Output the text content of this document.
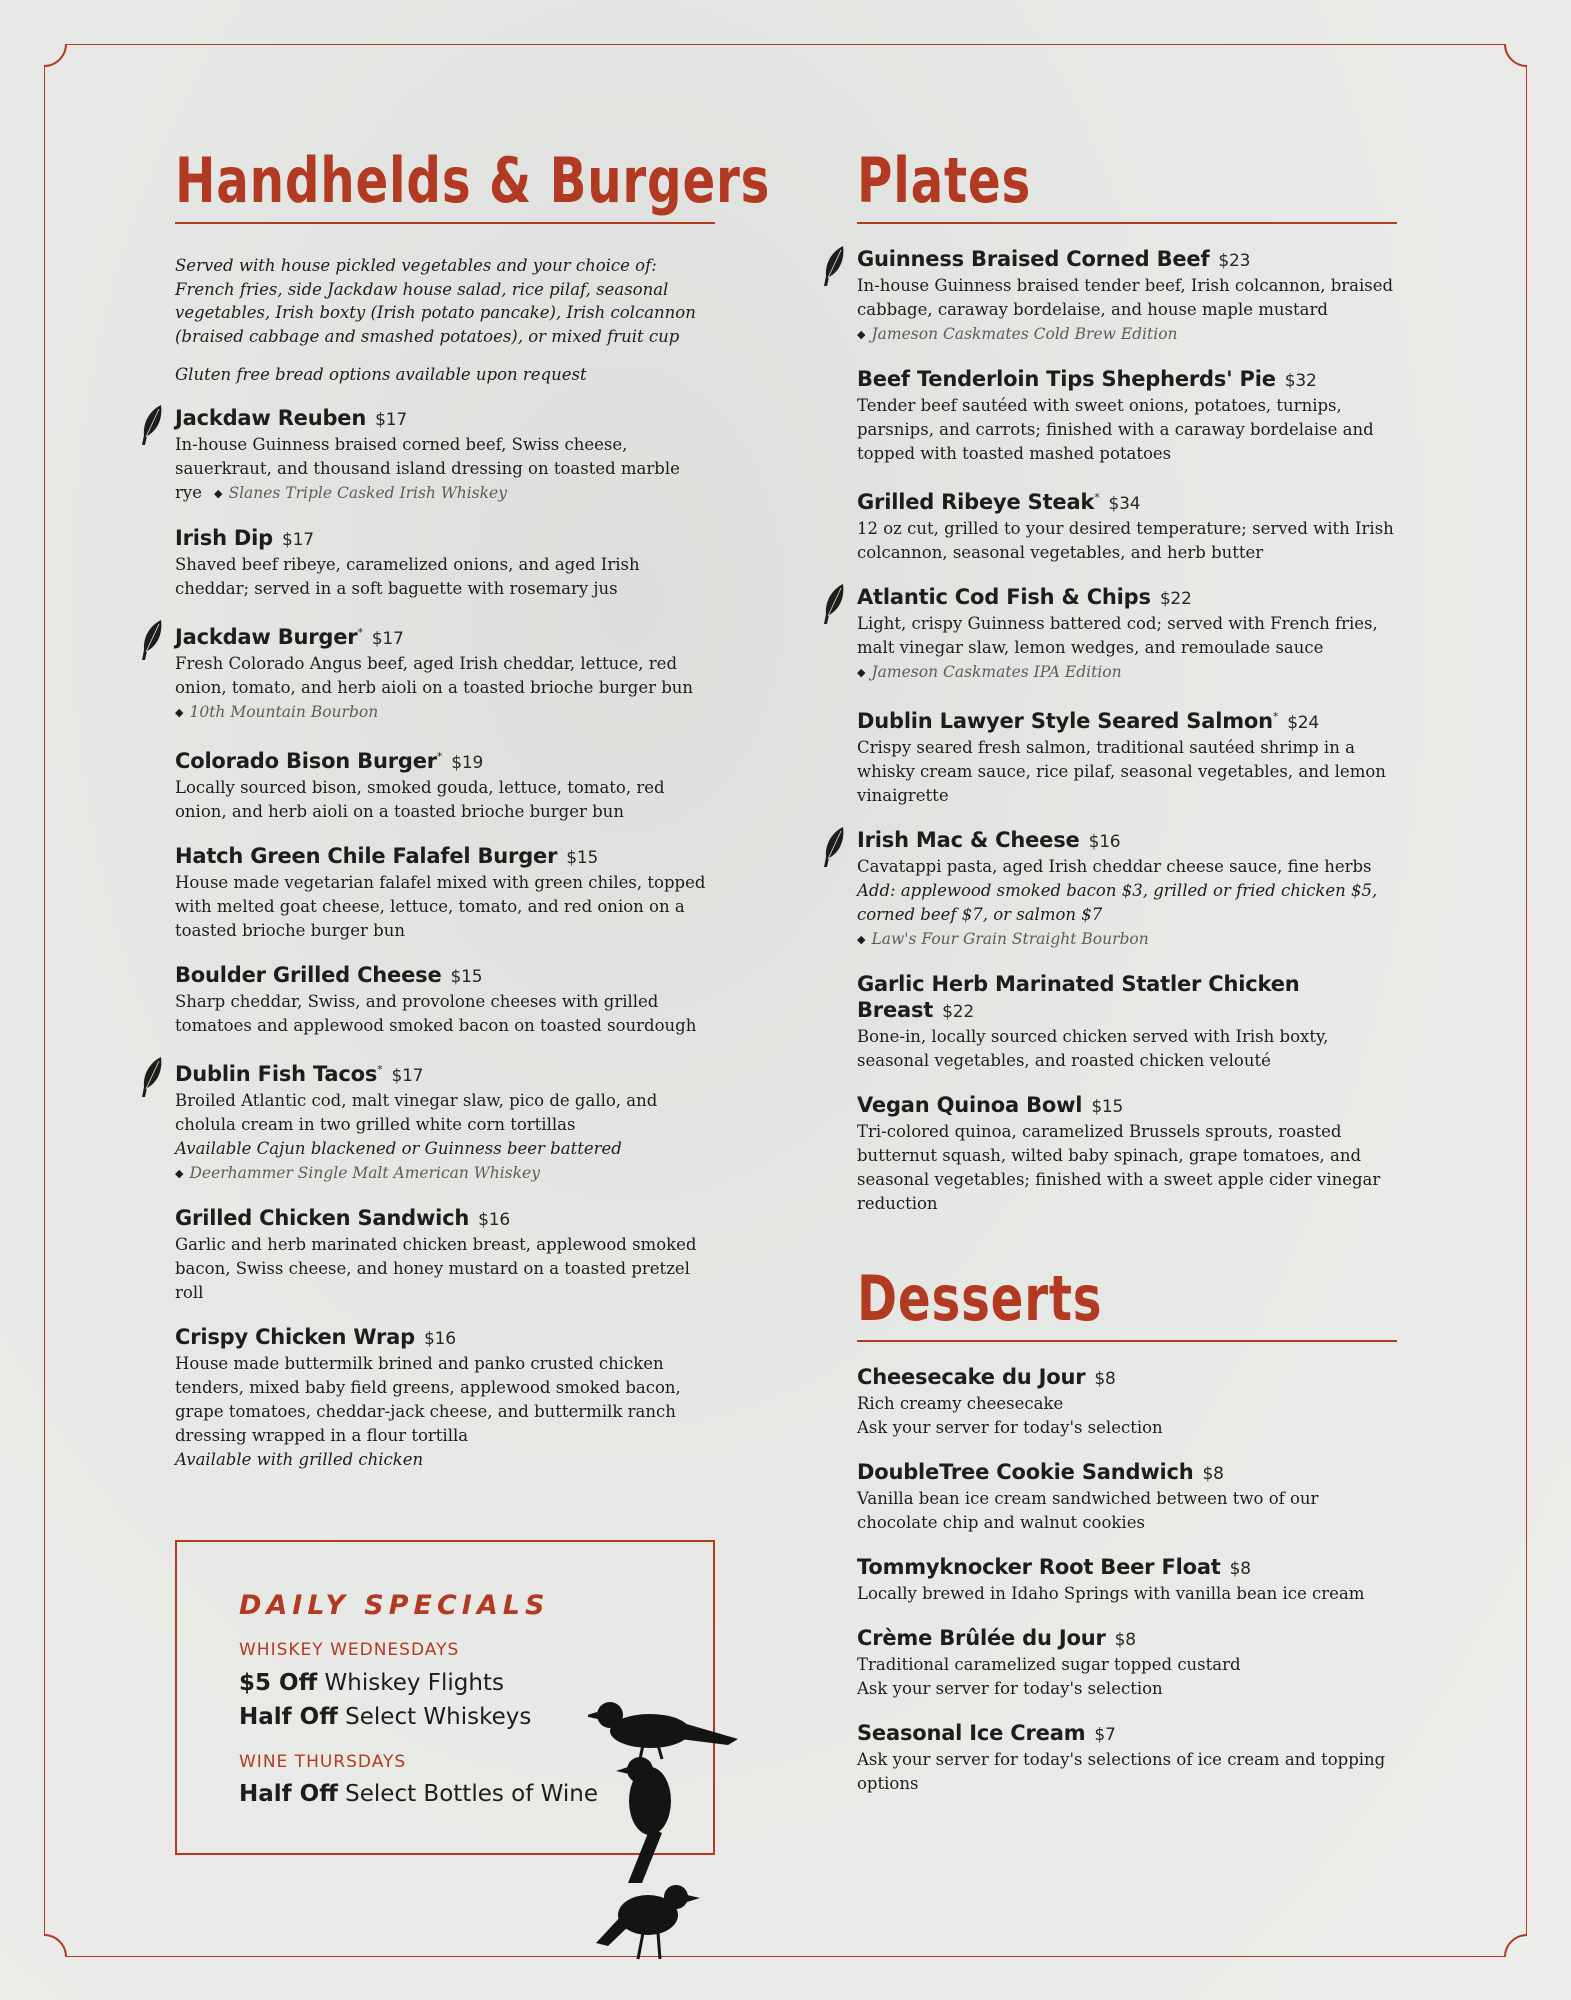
Handhelds & Burgers

Served with house pickled vegetables and your choice of: French fries, side Jackdaw house salad, rice pilaf, seasonal vegetables, Irish boxty (Irish potato pancake), Irish colcannon (braised cabbage and smashed potatoes), or mixed fruit cup

Gluten free bread options available upon request

Jackdaw Reuben $17
In-house Guinness braised corned beef, Swiss cheese, sauerkraut, and thousand island dressing on toasted marble rye ◆ Slanes Triple Casked Irish Whiskey
Irish Dip $17
Shaved beef ribeye, caramelized onions, and aged Irish cheddar; served in a soft baguette with rosemary jus
Jackdaw Burger* $17
Fresh Colorado Angus beef, aged Irish cheddar, lettuce, red onion, tomato, and herb aioli on a toasted brioche burger bun
◆ 10th Mountain Bourbon
Colorado Bison Burger* $19
Locally sourced bison, smoked gouda, lettuce, tomato, red onion, and herb aioli on a toasted brioche burger bun
Hatch Green Chile Falafel Burger $15
House made vegetarian falafel mixed with green chiles, topped with melted goat cheese, lettuce, tomato, and red onion on a toasted brioche burger bun
Boulder Grilled Cheese $15
Sharp cheddar, Swiss, and provolone cheeses with grilled tomatoes and applewood smoked bacon on toasted sourdough
Dublin Fish Tacos* $17
Broiled Atlantic cod, malt vinegar slaw, pico de gallo, and cholula cream in two grilled white corn tortillas
Available Cajun blackened or Guinness beer battered
◆ Deerhammer Single Malt American Whiskey
Grilled Chicken Sandwich $16
Garlic and herb marinated chicken breast, applewood smoked bacon, Swiss cheese, and honey mustard on a toasted pretzel roll
Crispy Chicken Wrap $16
House made buttermilk brined and panko crusted chicken tenders, mixed baby field greens, applewood smoked bacon, grape tomatoes, cheddar-jack cheese, and buttermilk ranch dressing wrapped in a flour tortilla
Available with grilled chicken
Plates
Guinness Braised Corned Beef $23
In-house Guinness braised tender beef, Irish colcannon, braised cabbage, caraway bordelaise, and house maple mustard
◆ Jameson Caskmates Cold Brew Edition
Beef Tenderloin Tips Shepherds' Pie $32
Tender beef sautéed with sweet onions, potatoes, turnips, parsnips, and carrots; finished with a caraway bordelaise and topped with toasted mashed potatoes
Grilled Ribeye Steak* $34
12 oz cut, grilled to your desired temperature; served with Irish colcannon, seasonal vegetables, and herb butter
Atlantic Cod Fish & Chips $22
Light, crispy Guinness battered cod; served with French fries, malt vinegar slaw, lemon wedges, and remoulade sauce
◆ Jameson Caskmates IPA Edition
Dublin Lawyer Style Seared Salmon* $24
Crispy seared fresh salmon, traditional sautéed shrimp in a whisky cream sauce, rice pilaf, seasonal vegetables, and lemon vinaigrette
Irish Mac & Cheese $16
Cavatappi pasta, aged Irish cheddar cheese sauce, fine herbs
Add: applewood smoked bacon $3, grilled or fried chicken $5, corned beef $7, or salmon $7
◆ Law's Four Grain Straight Bourbon
Garlic Herb Marinated Statler Chicken Breast $22
Bone-in, locally sourced chicken served with Irish boxty, seasonal vegetables, and roasted chicken velouté
Vegan Quinoa Bowl $15
Tri-colored quinoa, caramelized Brussels sprouts, roasted butternut squash, wilted baby spinach, grape tomatoes, and seasonal vegetables; finished with a sweet apple cider vinegar reduction
Desserts
Cheesecake du Jour $8
Rich creamy cheesecake
Ask your server for today's selection
DoubleTree Cookie Sandwich $8
Vanilla bean ice cream sandwiched between two of our chocolate chip and walnut cookies
Tommyknocker Root Beer Float $8
Locally brewed in Idaho Springs with vanilla bean ice cream
Crème Brûlée du Jour $8
Traditional caramelized sugar topped custard
Ask your server for today's selection
Seasonal Ice Cream $7
Ask your server for today's selections of ice cream and topping options
DAILY SPECIALS
WHISKEY WEDNESDAYS
$5 Off Whiskey Flights
Half Off Select Whiskeys
WINE THURSDAYS
Half Off Select Bottles of Wine
